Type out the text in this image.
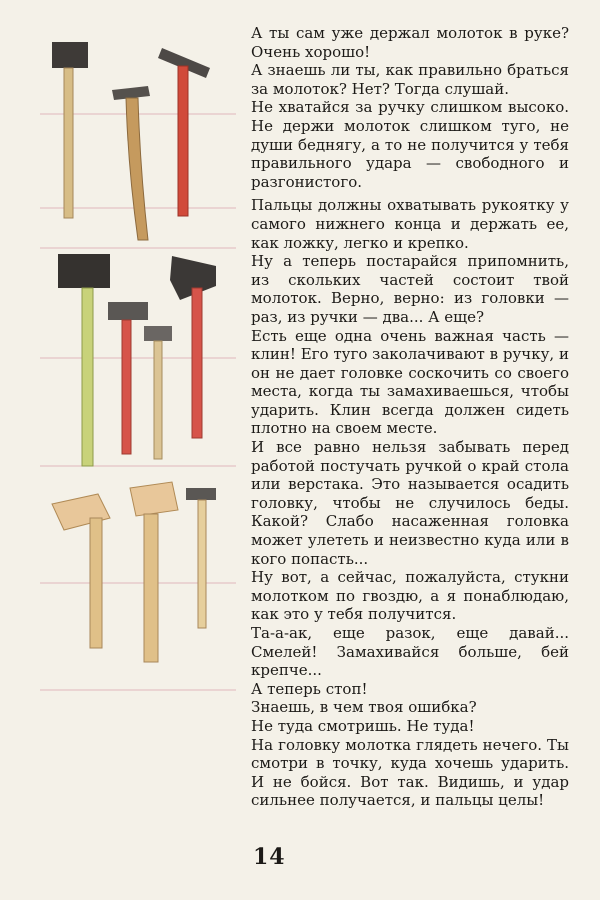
А ты сам уже держал молоток в руке? Очень хорошо!

А знаешь ли ты, как правильно браться за молоток? Нет? Тогда слушай.

Не хватайся за ручку слишком высоко. Не держи молоток слишком туго, не души беднягу, а то не получится у тебя правильного удара — свободного и разгонистого.

Пальцы должны охватывать рукоятку у самого нижнего конца и держать ее, как ложку, легко и крепко.

Ну а теперь постарайся припомнить, из скольких частей состоит твой молоток. Верно, верно: из головки — раз, из ручки — два... А еще?

Есть еще одна очень важная часть — клин! Его туго заколачивают в ручку, и он не дает головке соскочить со своего места, когда ты замахиваешься, чтобы ударить. Клин всегда должен сидеть плотно на своем месте.

И все равно нельзя забывать перед работой постучать ручкой о край стола или верстака. Это называется осадить головку, чтобы не случилось беды. Какой? Слабо насаженная головка может улететь и неизвестно куда или в кого попасть...

Ну вот, а сейчас, пожалуйста, стукни молотком по гвоздю, а я понаблюдаю, как это у тебя получится.

Та-а-ак, еще разок, еще давай... Смелей! Замахивайся больше, бей крепче...

А теперь стоп!

Знаешь, в чем твоя ошибка?

Не туда смотришь. Не туда!

На головку молотка глядеть нечего. Ты смотри в точку, куда хочешь ударить. И не бойся. Вот так. Видишь, и удар сильнее получается, и пальцы целы!

14
